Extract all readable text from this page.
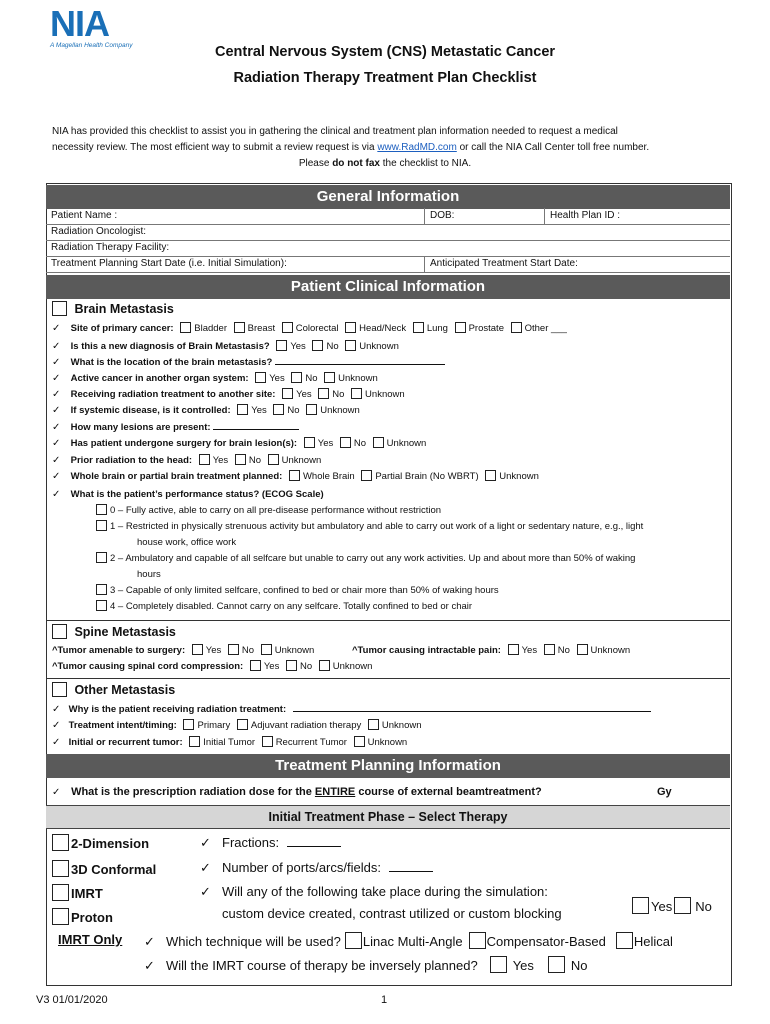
NIA
A Magellan Health Company	Central Nervous System (CNS) Metastatic Cancer
Radiation Therapy Treatment Plan Checklist
NIA has provided this checklist to assist you in gathering the clinical and treatment plan information needed to request a medical
necessity review. The most efficient way to submit a review request is via www.RadMD.com or call the NIA Call Center toll free number.
Please do not fax the checklist to NIA.
General Information
Patient Name :	DOB:	Health Plan ID :
Radiation Oncologist:
Radiation Therapy Facility:
Treatment Planning Start Date (i.e. Initial Simulation):	Anticipated Treatment Start Date:
Patient Clinical Information
Brain Metastasis
✓ Site of primary cancer: Bladder Breast Colorectal Head/Neck Lung Prostate Other ___
✓ Is this a new diagnosis of Brain Metastasis? Yes No Unknown
✓ What is the location of the brain metastasis?
✓ Active cancer in another organ system: Yes No Unknown
✓ Receiving radiation treatment to another site: Yes No Unknown
✓ If systemic disease, is it controlled: Yes No Unknown
✓ How many lesions are present:
✓ Has patient undergone surgery for brain lesion(s): Yes No Unknown
✓ Prior radiation to the head: Yes No Unknown
✓ Whole brain or partial brain treatment planned: Whole Brain Partial Brain (No WBRT) Unknown
✓ What is the patient’s performance status? (ECOG Scale)
0 – Fully active, able to carry on all pre-disease performance without restriction
1 – Restricted in physically strenuous activity but ambulatory and able to carry out work of a light or sedentary nature, e.g., light
house work, office work
2 – Ambulatory and capable of all selfcare but unable to carry out any work activities. Up and about more than 50% of waking
hours
3 – Capable of only limited selfcare, confined to bed or chair more than 50% of waking hours
4 – Completely disabled. Cannot carry on any selfcare. Totally confined to bed or chair
Spine Metastasis
^Tumor amenable to surgery: Yes No Unknown	^Tumor causing intractable pain: Yes No Unknown
^Tumor causing spinal cord compression: Yes No Unknown
Other Metastasis
✓ Why is the patient receiving radiation treatment:
✓ Treatment intent/timing: Primary Adjuvant radiation therapy Unknown
✓ Initial or recurrent tumor: Initial Tumor Recurrent Tumor Unknown
Treatment Planning Information
✓ What is the prescription radiation dose for the ENTIRE course of external beamtreatment?	Gy
Initial Treatment Phase – Select Therapy
2-Dimension
3D Conformal
IMRT
Proton
✓ Fractions:
✓ Number of ports/arcs/fields:
✓ Will any of the following take place during the simulation:
custom device created, contrast utilized or custom blocking	Yes No
IMRT Only ✓ Which technique will be used? Linac Multi-Angle Compensator-Based Helical
✓ Will the IMRT course of therapy be inversely planned?	Yes	No
V3 01/01/2020	1
